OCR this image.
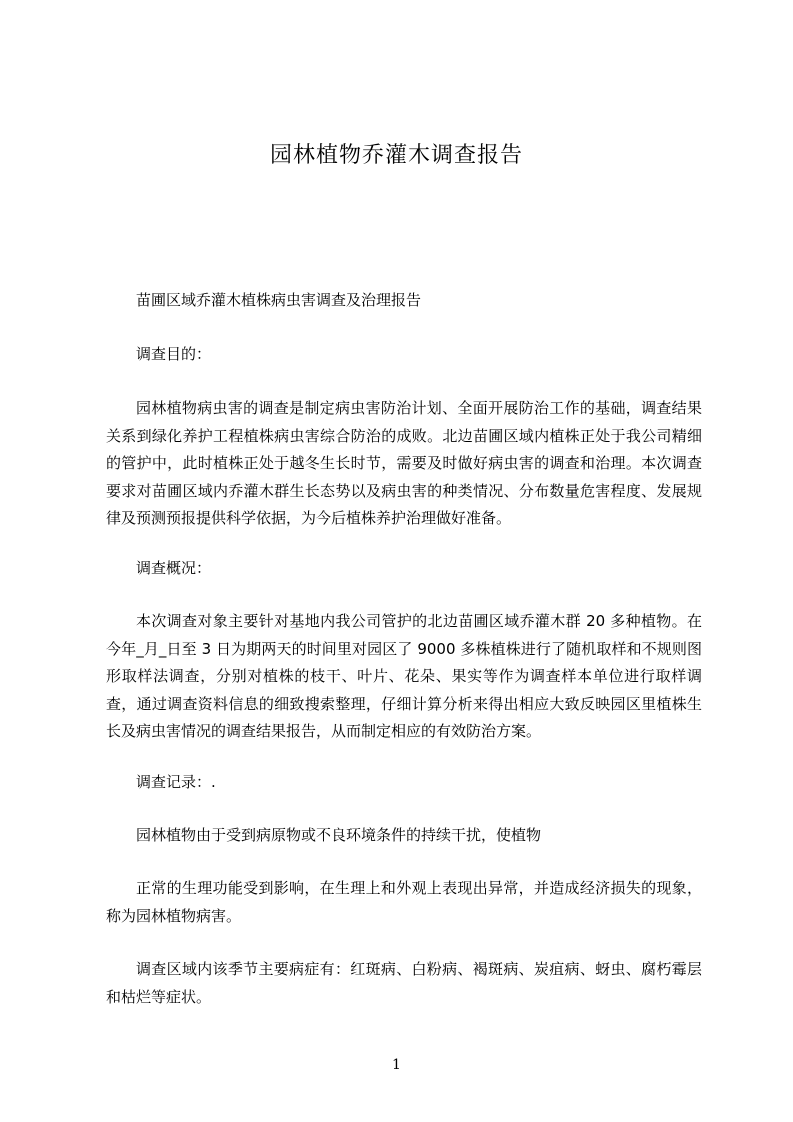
园林植物乔灌木调查报告
苗圃区域乔灌木植株病虫害调查及治理报告
调查目的：
园林植物病虫害的调查是制定病虫害防治计划、全面开展防治工作的基础，调查结果关系到绿化养护工程植株病虫害综合防治的成败。北边苗圃区域内植株正处于我公司精细的管护中，此时植株正处于越冬生长时节，需要及时做好病虫害的调查和治理。本次调查要求对苗圃区域内乔灌木群生长态势以及病虫害的种类情况、分布数量危害程度、发展规律及预测预报提供科学依据，为今后植株养护治理做好准备。
调查概况：
本次调查对象主要针对基地内我公司管护的北边苗圃区域乔灌木群 20 多种植物。在今年_月_日至 3 日为期两天的时间里对园区了 9000 多株植株进行了随机取样和不规则图形取样法调查，分别对植株的枝干、叶片、花朵、果实等作为调查样本单位进行取样调查，通过调查资料信息的细致搜索整理，仔细计算分析来得出相应大致反映园区里植株生长及病虫害情况的调查结果报告，从而制定相应的有效防治方案。
调查记录：.
园林植物由于受到病原物或不良环境条件的持续干扰，使植物
正常的生理功能受到影响，在生理上和外观上表现出异常，并造成经济损失的现象，称为园林植物病害。
调查区域内该季节主要病症有：红斑病、白粉病、褐斑病、炭疽病、蚜虫、腐朽霉层和枯烂等症状。
1
